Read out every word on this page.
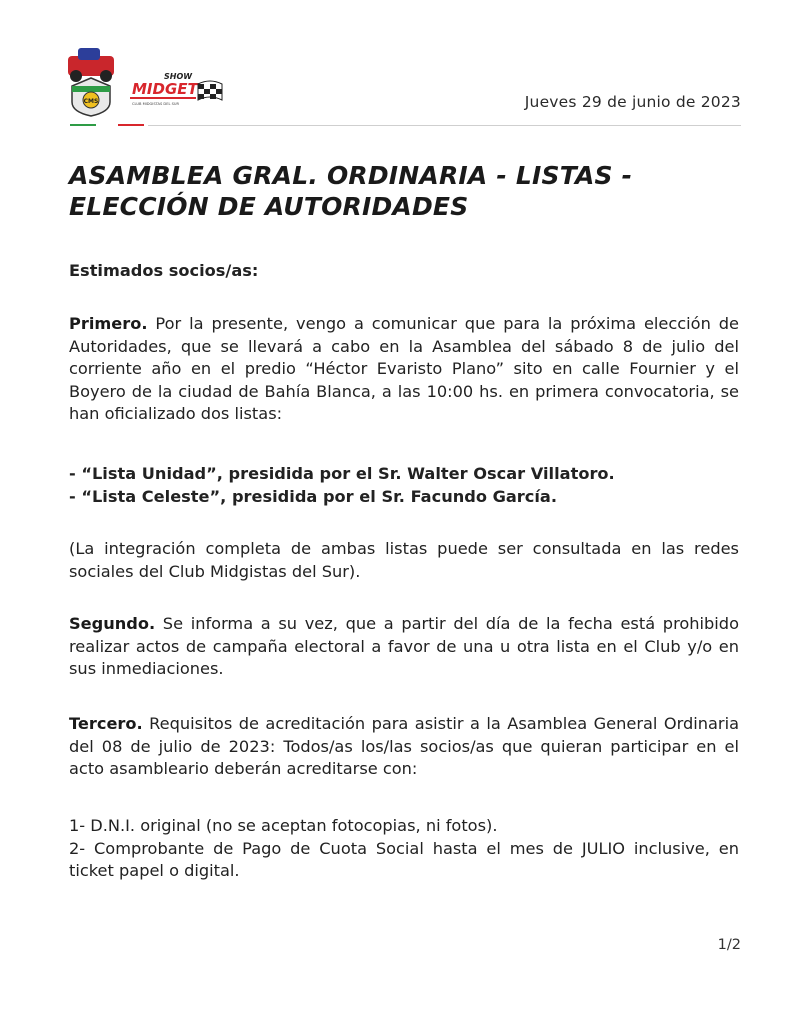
CMS
SHOW
MIDGET
CLUB MIDGISTAS DEL SUR	Jueves 29 de junio de 2023
ASAMBLEA GRAL. ORDINARIA - LISTAS -
ELECCIÓN DE AUTORIDADES
Estimados socios/as:
Primero. Por la presente, vengo a comunicar que para la próxima elección de Autoridades, que se llevará a cabo en la Asamblea del sábado 8 de julio del corriente año en el predio “Héctor Evaristo Plano” sito en calle Fournier y el Boyero de la ciudad de Bahía Blanca, a las 10:00 hs. en primera convocatoria, se han oficializado dos listas:
- “Lista Unidad”, presidida por el Sr. Walter Oscar Villatoro.
- “Lista Celeste”, presidida por el Sr. Facundo García.
(La integración completa de ambas listas puede ser consultada en las redes sociales del Club Midgistas del Sur).
Segundo. Se informa a su vez, que a partir del día de la fecha está prohibido realizar actos de campaña electoral a favor de una u otra lista en el Club y/o en sus inmediaciones.
Tercero. Requisitos de acreditación para asistir a la Asamblea General Ordinaria del 08 de julio de 2023: Todos/as los/las socios/as que quieran participar en el acto asambleario deberán acreditarse con:
1- D.N.I. original (no se aceptan fotocopias, ni fotos).
2- Comprobante de Pago de Cuota Social hasta el mes de JULIO inclusive, en ticket papel o digital.
1/2
